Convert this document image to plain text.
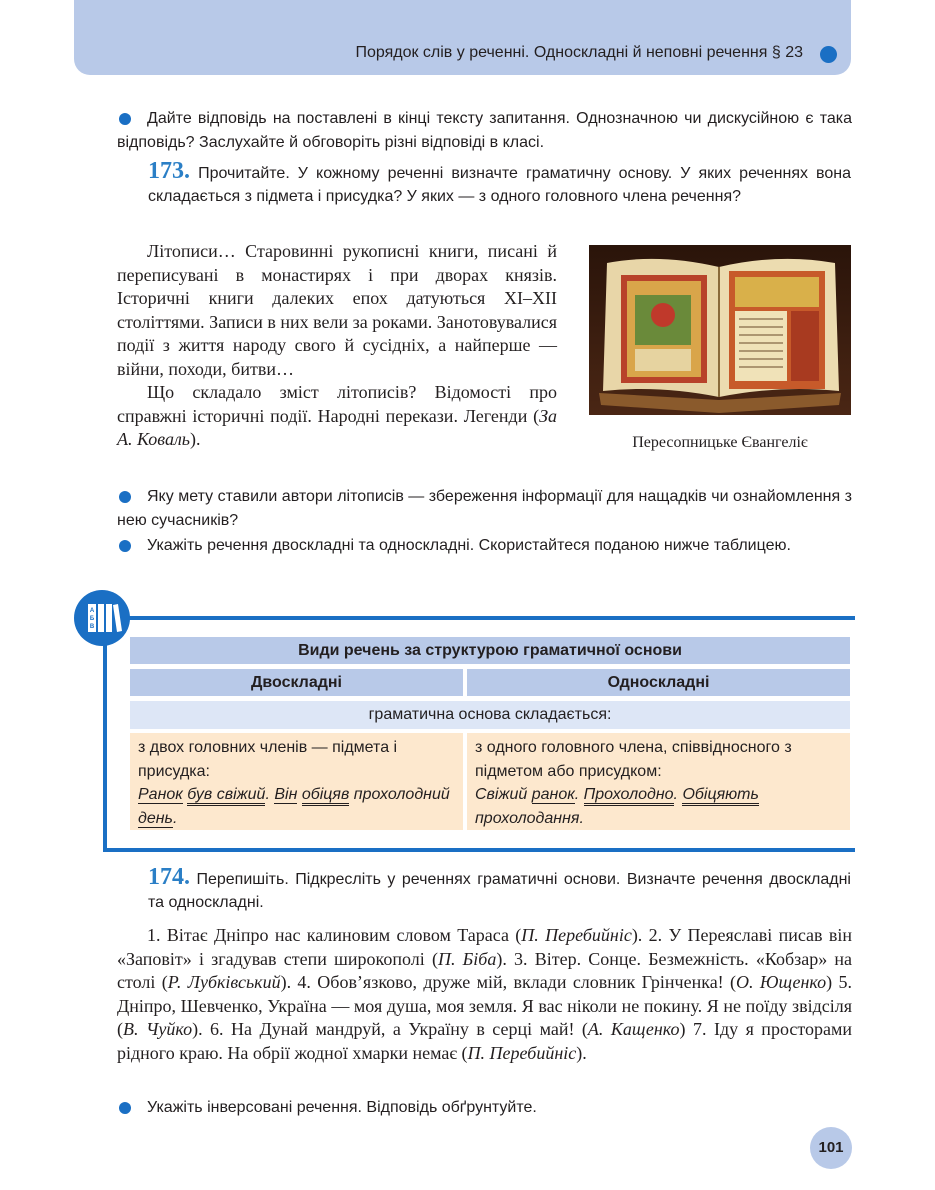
Порядок слів у реченні. Односкладні й неповні речення § 23
Дайте відповідь на поставлені в кінці тексту запитання. Однозначною чи дискусійною є така відповідь? Заслухайте й обговоріть різні відповіді в класі.
173. Прочитайте. У кожному реченні визначте граматичну основу. У яких реченнях вона складається з підмета і присудка? У яких — з одного головного члена речення?
Літописи… Старовинні рукописні книги, писані й переписувані в монастирях і при дворах князів. Історичні книги далеких епох датуються XI–XII століттями. Записи в них вели за роками. Занотовувалися події з життя народу свого й сусідніх, а найперше — війни, походи, битви…
Що складало зміст літописів? Відомості про справжні історичні події. Народні перекази. Легенди (За А. Коваль).	Пересопницьке Євангеліє
Яку мету ставили автори літописів — збереження інформації для нащадків чи ознайомлення з нею сучасників?
Укажіть речення двоскладні та односкладні. Скористайтеся поданою нижче таблицею.
А
Б
В
Види речень за структурою граматичної основи
Двоскладні	Односкладні
граматична основа складається:
з двох головних членів — підмета і присудка:
Ранок був свіжий. Він обіцяв прохолодний день.
з одного головного члена, співвідносного з підметом або присудком:
Свіжий ранок. Прохолодно. Обіцяють прохолодання.
174. Перепишіть. Підкресліть у реченнях граматичні основи. Визначте речення двоскладні та односкладні.
1. Вітає Дніпро нас калиновим словом Тараса (П. Перебийніс). 2. У Переяславі писав він «Заповіт» і згадував степи широкополі (П. Біба). 3. Вітер. Сонце. Безмежність. «Кобзар» на столі (Р. Лубківський). 4. Обов’язково, друже мій, вклади словник Грінченка! (О. Ющенко) 5. Дніпро, Шевченко, Україна — моя душа, моя земля. Я вас ніколи не покину. Я не поїду звідсіля (В. Чуйко). 6. На Дунай мандруй, а Україну в серці май! (А. Кащенко) 7. Іду я просторами рідного краю. На обрії жодної хмарки немає (П. Перебийніс).
Укажіть інверсовані речення. Відповідь обґрунтуйте.
101
